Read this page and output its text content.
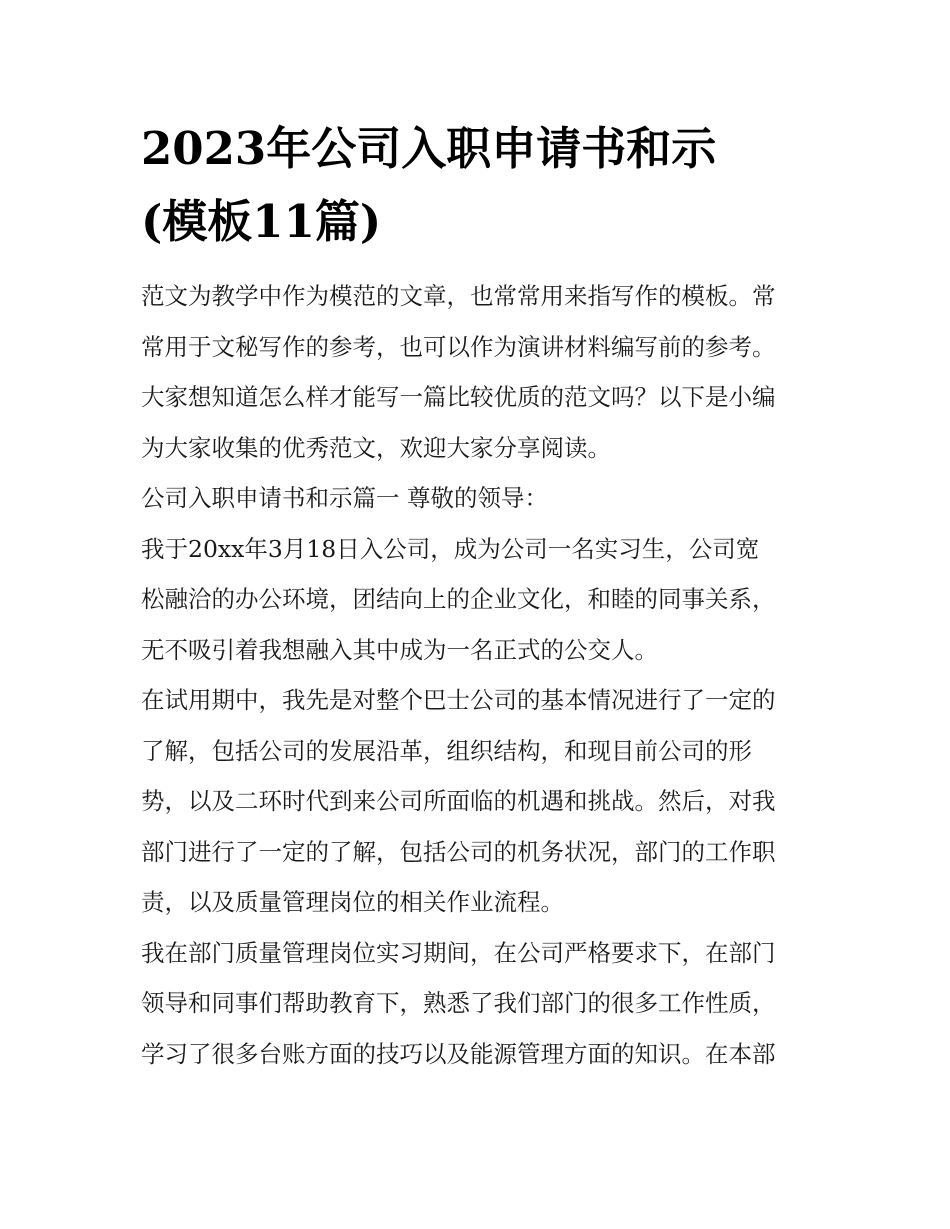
2023年公司入职申请书和示
(模板11篇)

范文为教学中作为模范的文章，也常常用来指写作的模板。常
常用于文秘写作的参考，也可以作为演讲材料编写前的参考。
大家想知道怎么样才能写一篇比较优质的范文吗？以下是小编
为大家收集的优秀范文，欢迎大家分享阅读。

公司入职申请书和示篇一 尊敬的领导：

我于20xx年3月18日入公司，成为公司一名实习生，公司宽
松融洽的办公环境，团结向上的企业文化，和睦的同事关系，
无不吸引着我想融入其中成为一名正式的公交人。

在试用期中，我先是对整个巴士公司的基本情况进行了一定的
了解，包括公司的发展沿革，组织结构，和现目前公司的形
势，以及二环时代到来公司所面临的机遇和挑战。然后，对我
部门进行了一定的了解，包括公司的机务状况，部门的工作职
责，以及质量管理岗位的相关作业流程。

我在部门质量管理岗位实习期间，在公司严格要求下，在部门
领导和同事们帮助教育下，熟悉了我们部门的很多工作性质，
学习了很多台账方面的技巧以及能源管理方面的知识。在本部
